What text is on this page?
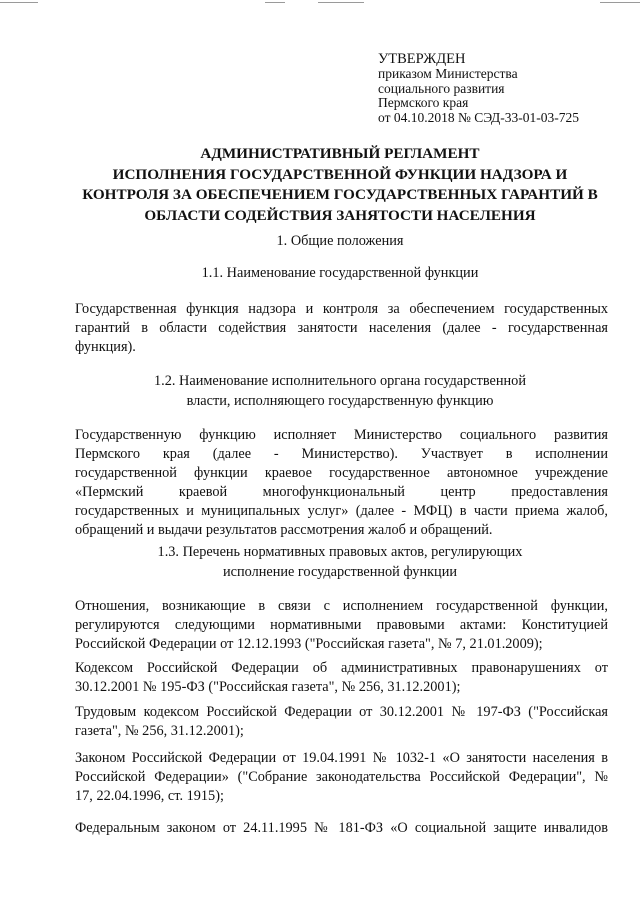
УТВЕРЖДЕН
приказом Министерства
социального развития
Пермского края
от 04.10.2018 № СЭД-33-01-03-725
АДМИНИСТРАТИВНЫЙ РЕГЛАМЕНТ
ИСПОЛНЕНИЯ ГОСУДАРСТВЕННОЙ ФУНКЦИИ НАДЗОРА И
КОНТРОЛЯ ЗА ОБЕСПЕЧЕНИЕМ ГОСУДАРСТВЕННЫХ ГАРАНТИЙ В
ОБЛАСТИ СОДЕЙСТВИЯ ЗАНЯТОСТИ НАСЕЛЕНИЯ
1. Общие положения
1.1. Наименование государственной функции
Государственная функция надзора и контроля за обеспечением государственных
гарантий в области содействия занятости населения (далее - государственная
функция).
1.2. Наименование исполнительного органа государственной
власти, исполняющего государственную функцию
Государственную функцию исполняет Министерство социального развития
Пермского края (далее - Министерство). Участвует в исполнении
государственной функции краевое государственное автономное учреждение
«Пермский краевой многофункциональный центр предоставления
государственных и муниципальных услуг» (далее - МФЦ) в части приема жалоб,
обращений и выдачи результатов рассмотрения жалоб и обращений.
1.3. Перечень нормативных правовых актов, регулирующих
исполнение государственной функции
Отношения, возникающие в связи с исполнением государственной функции,
регулируются следующими нормативными правовыми актами: Конституцией
Российской Федерации от 12.12.1993 ("Российская газета", № 7, 21.01.2009);
Кодексом Российской Федерации об административных правонарушениях от
30.12.2001 № 195-ФЗ ("Российская газета", № 256, 31.12.2001);
Трудовым кодексом Российской Федерации от 30.12.2001 № 197-ФЗ ("Российская
газета", № 256, 31.12.2001);
Законом Российской Федерации от 19.04.1991 № 1032-1 «О занятости населения в
Российской Федерации» ("Собрание законодательства Российской Федерации", №
17, 22.04.1996, ст. 1915);
Федеральным законом от 24.11.1995 № 181-ФЗ «О социальной защите инвалидов
